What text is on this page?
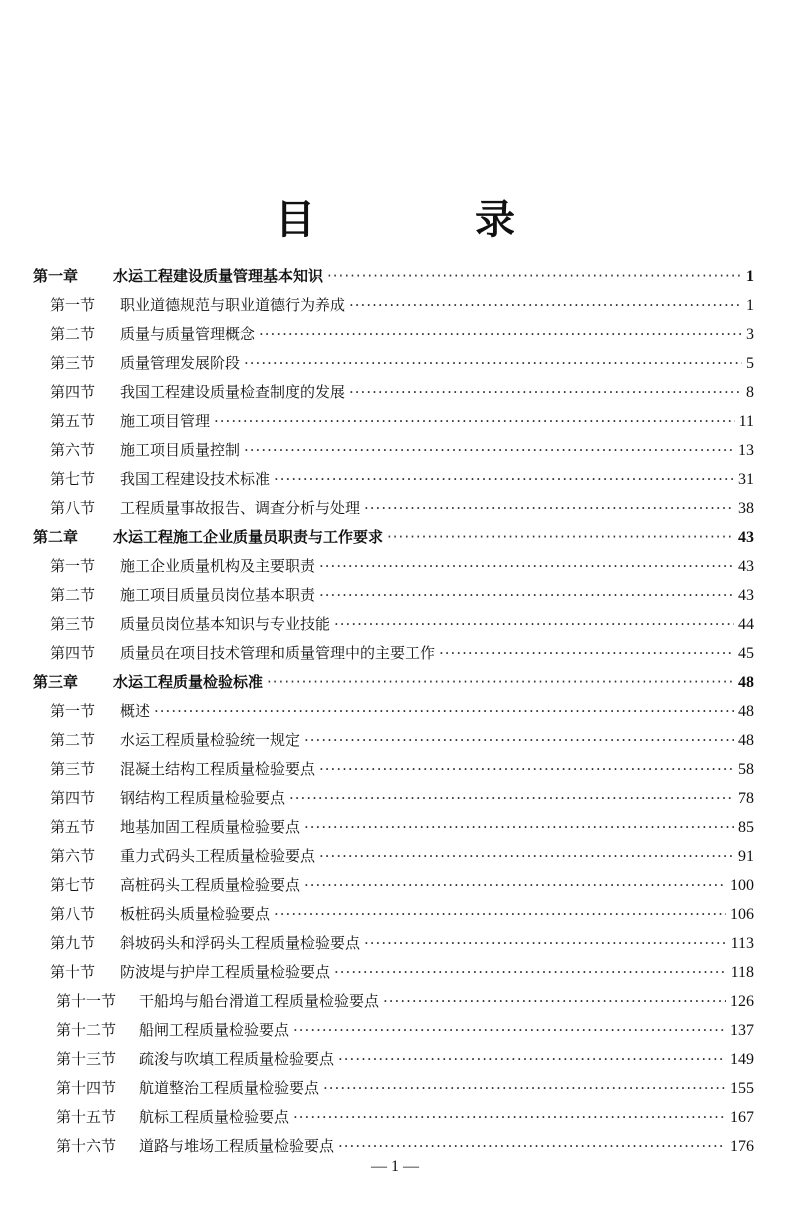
目　录
第一章	水运工程建设质量管理基本知识 ·····	1
第一节	职业道德规范与职业道德行为养成 ·····	1
第二节	质量与质量管理概念 ·····	3
第三节	质量管理发展阶段 ·····	5
第四节	我国工程建设质量检查制度的发展 ·····	8
第五节	施工项目管理 ·····	11
第六节	施工项目质量控制 ·····	13
第七节	我国工程建设技术标准 ·····	31
第八节	工程质量事故报告、调查分析与处理 ·····	38
第二章	水运工程施工企业质量员职责与工作要求 ·····	43
第一节	施工企业质量机构及主要职责 ·····	43
第二节	施工项目质量员岗位基本职责 ·····	43
第三节	质量员岗位基本知识与专业技能 ·····	44
第四节	质量员在项目技术管理和质量管理中的主要工作 ·····	45
第三章	水运工程质量检验标准 ·····	48
第一节	概述 ·····	48
第二节	水运工程质量检验统一规定 ·····	48
第三节	混凝土结构工程质量检验要点 ·····	58
第四节	钢结构工程质量检验要点 ·····	78
第五节	地基加固工程质量检验要点 ·····	85
第六节	重力式码头工程质量检验要点 ·····	91
第七节	高桩码头工程质量检验要点 ·····	100
第八节	板桩码头质量检验要点 ·····	106
第九节	斜坡码头和浮码头工程质量检验要点 ·····	113
第十节	防波堤与护岸工程质量检验要点 ·····	118
第十一节	干船坞与船台滑道工程质量检验要点 ·····	126
第十二节	船闸工程质量检验要点 ·····	137
第十三节	疏浚与吹填工程质量检验要点 ·····	149
第十四节	航道整治工程质量检验要点 ·····	155
第十五节	航标工程质量检验要点 ·····	167
第十六节	道路与堆场工程质量检验要点 ·····	176
— 1 —
